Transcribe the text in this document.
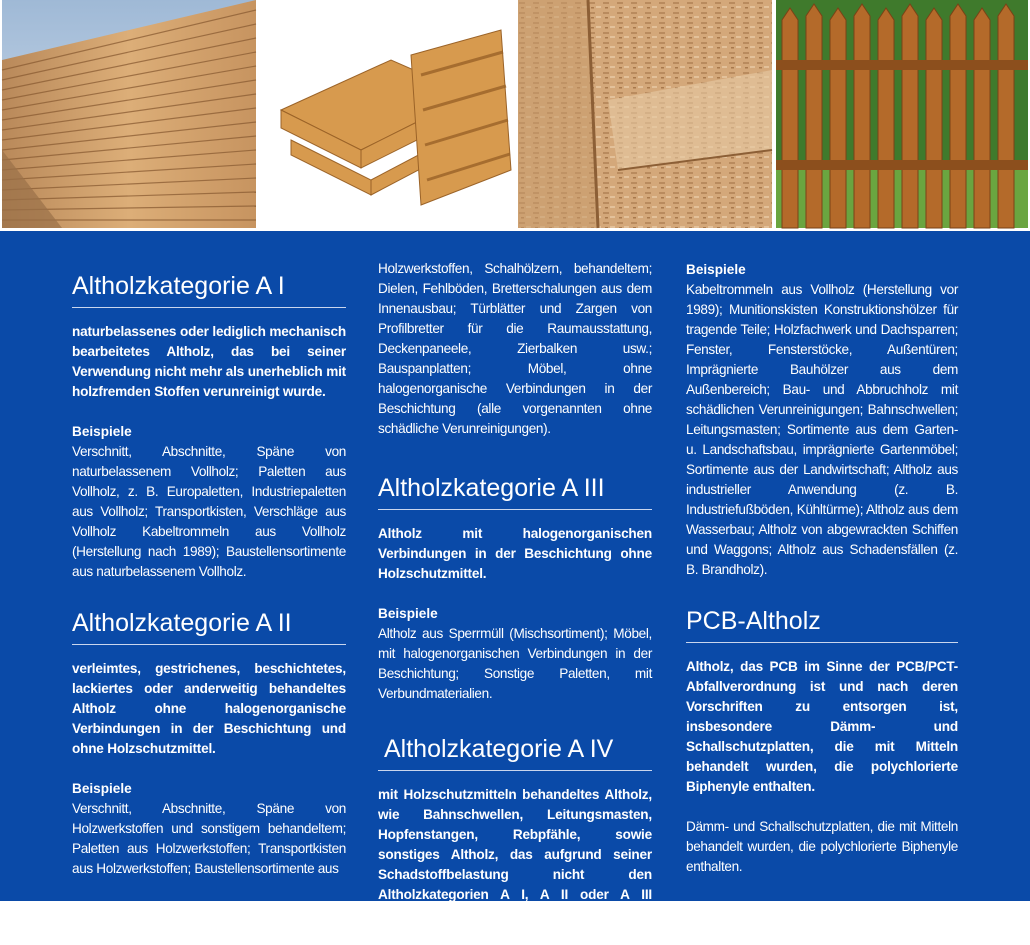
Altholzkategorie A I

naturbelassenes oder lediglich mechanisch bearbeitetes Altholz, das bei seiner Verwendung nicht mehr als unerheblich mit holzfremden Stoffen verunreinigt wurde.

Beispiele

Verschnitt, Abschnitte, Späne von naturbelassenem Vollholz; Paletten aus Vollholz, z. B. Europaletten, Industriepaletten aus Vollholz; Transportkisten, Verschläge aus Vollholz Kabeltrommeln aus Vollholz (Herstellung nach 1989); Baustellensortimente aus naturbelassenem Vollholz.

Altholzkategorie A II

verleimtes, gestrichenes, beschichtetes, lackiertes oder anderweitig behandeltes Altholz ohne halogenorganische Verbindungen in der Beschichtung und ohne Holzschutzmittel.

Beispiele

Verschnitt, Abschnitte, Späne von Holzwerkstoffen und sonstigem behandeltem; Paletten aus Holzwerkstoffen; Transportkisten aus Holzwerkstoffen; Baustellensortimente aus

Holzwerkstoffen, Schalhölzern, behandeltem; Dielen, Fehlböden, Bretterschalungen aus dem Innenausbau; Türblätter und Zargen von Profilbretter für die Raumausstattung, Deckenpaneele, Zierbalken usw.; Bauspanplatten; Möbel, ohne halogenorganische Verbindungen in der Beschichtung (alle vorgenannten ohne schädliche Verunreinigungen).

Altholzkategorie A III

Altholz mit halogenorganischen Verbindungen in der Beschichtung ohne Holzschutzmittel.

Beispiele

Altholz aus Sperrmüll (Mischsortiment); Möbel, mit halogenorganischen Verbindungen in der Beschichtung; Sonstige Paletten, mit Verbundmaterialien.

Altholzkategorie A IV

mit Holzschutzmitteln behandeltes Altholz, wie Bahnschwellen, Leitungsmasten, Hopfenstangen, Rebpfähle, sowie sonstiges Altholz, das aufgrund seiner Schadstoffbelastung nicht den Altholzkategorien A I, A II oder A III zugeordnet werden kann, ausgenommen PCB-Altholz.

Beispiele

Kabeltrommeln aus Vollholz (Herstellung vor 1989); Munitionskisten Konstruktionshölzer für tragende Teile; Holzfachwerk und Dachsparren; Fenster, Fensterstöcke, Außentüren; Imprägnierte Bauhölzer aus dem Außenbereich; Bau- und Abbruchholz mit schädlichen Verunreinigungen; Bahnschwellen; Leitungsmasten; Sortimente aus dem Garten- u. Landschaftsbau, imprägnierte Gartenmöbel; Sortimente aus der Landwirtschaft; Altholz aus industrieller Anwendung (z. B. Industriefußböden, Kühltürme); Altholz aus dem Wasserbau; Altholz von abgewrackten Schiffen und Waggons; Altholz aus Schadensfällen (z. B. Brandholz).

PCB-Altholz

Altholz, das PCB im Sinne der PCB/PCT-Abfallverordnung ist und nach deren Vorschriften zu entsorgen ist, insbesondere Dämm- und Schallschutzplatten, die mit Mitteln behandelt wurden, die polychlorierte Biphenyle enthalten.

Dämm- und Schallschutzplatten, die mit Mitteln behandelt wurden, die polychlorierte Biphenyle enthalten.
